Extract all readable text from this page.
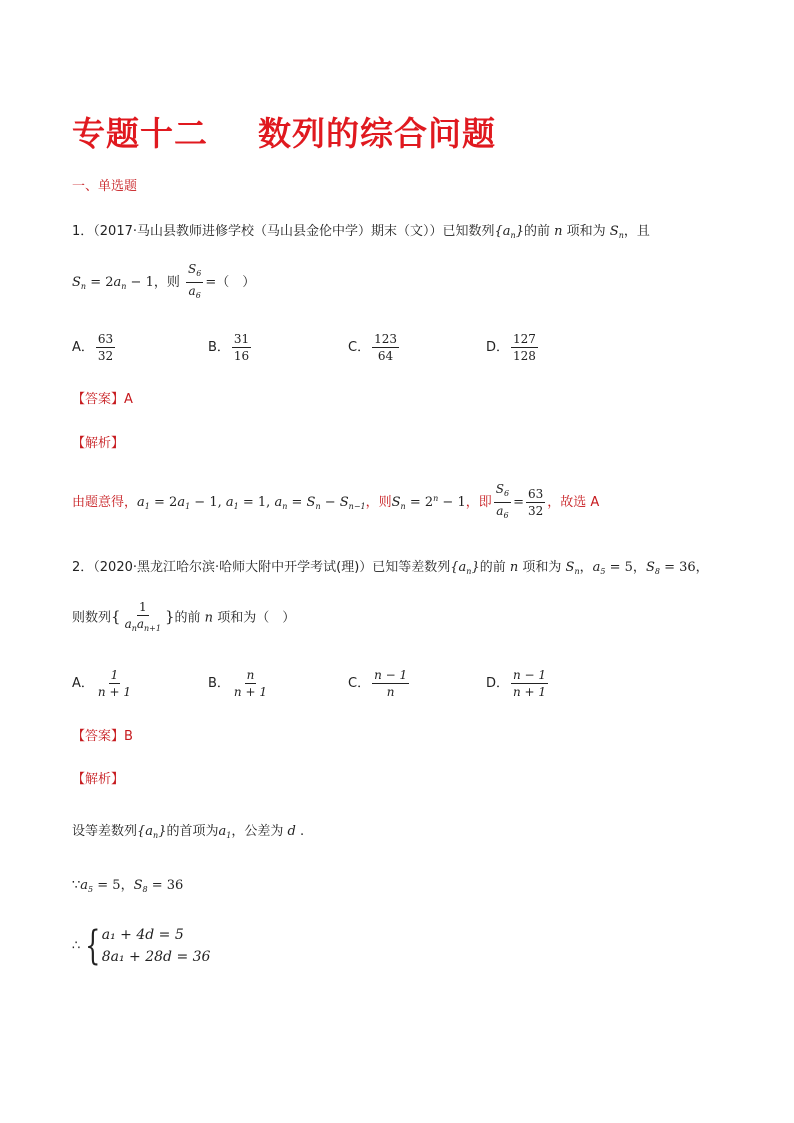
专题十二 数列的综合问题
一、单选题
1．（2017·马山县教师进修学校（马山县金伦中学）期末（文））已知数列$\{a_n\}$的前 n 项和为 $S_n$，且
$S_n = 2a_n - 1$，则 $\frac{S_6}{a_6}$ =（　）
A． $\frac{63}{32}$	B． $\frac{31}{16}$	C． $\frac{123}{64}$	D． $\frac{127}{128}$
【答案】A
【解析】
由题意得，$a_1 = 2a_1 - 1$, $a_1 = 1$, $a_n = S_n - S_{n-1}$，则$S_n = 2^n - 1$，即 $\frac{S_6}{a_6} = \frac{63}{32}$ ，故选 A
2．（2020·黑龙江哈尔滨·哈师大附中开学考试(理)）已知等差数列$\{a_n\}$的前 n 项和为 $S_n$，$a_5 = 5$，$S_8 = 36$，
则数列{ $\frac{1}{a_na_{n+1}}$ }的前 n 项和为（　）
A． $\frac{1}{n + 1}$	B． $\frac{n}{n + 1}$	C． $\frac{n - 1}{n}$	D． $\frac{n - 1}{n + 1}$
【答案】B
【解析】
设等差数列$\{a_n\}$的首项为$a_1$，公差为 d .
$\because a_5 = 5$，$S_8 = 36$
∴ { a₁ + 4d = 5
8a₁ + 28d = 36
